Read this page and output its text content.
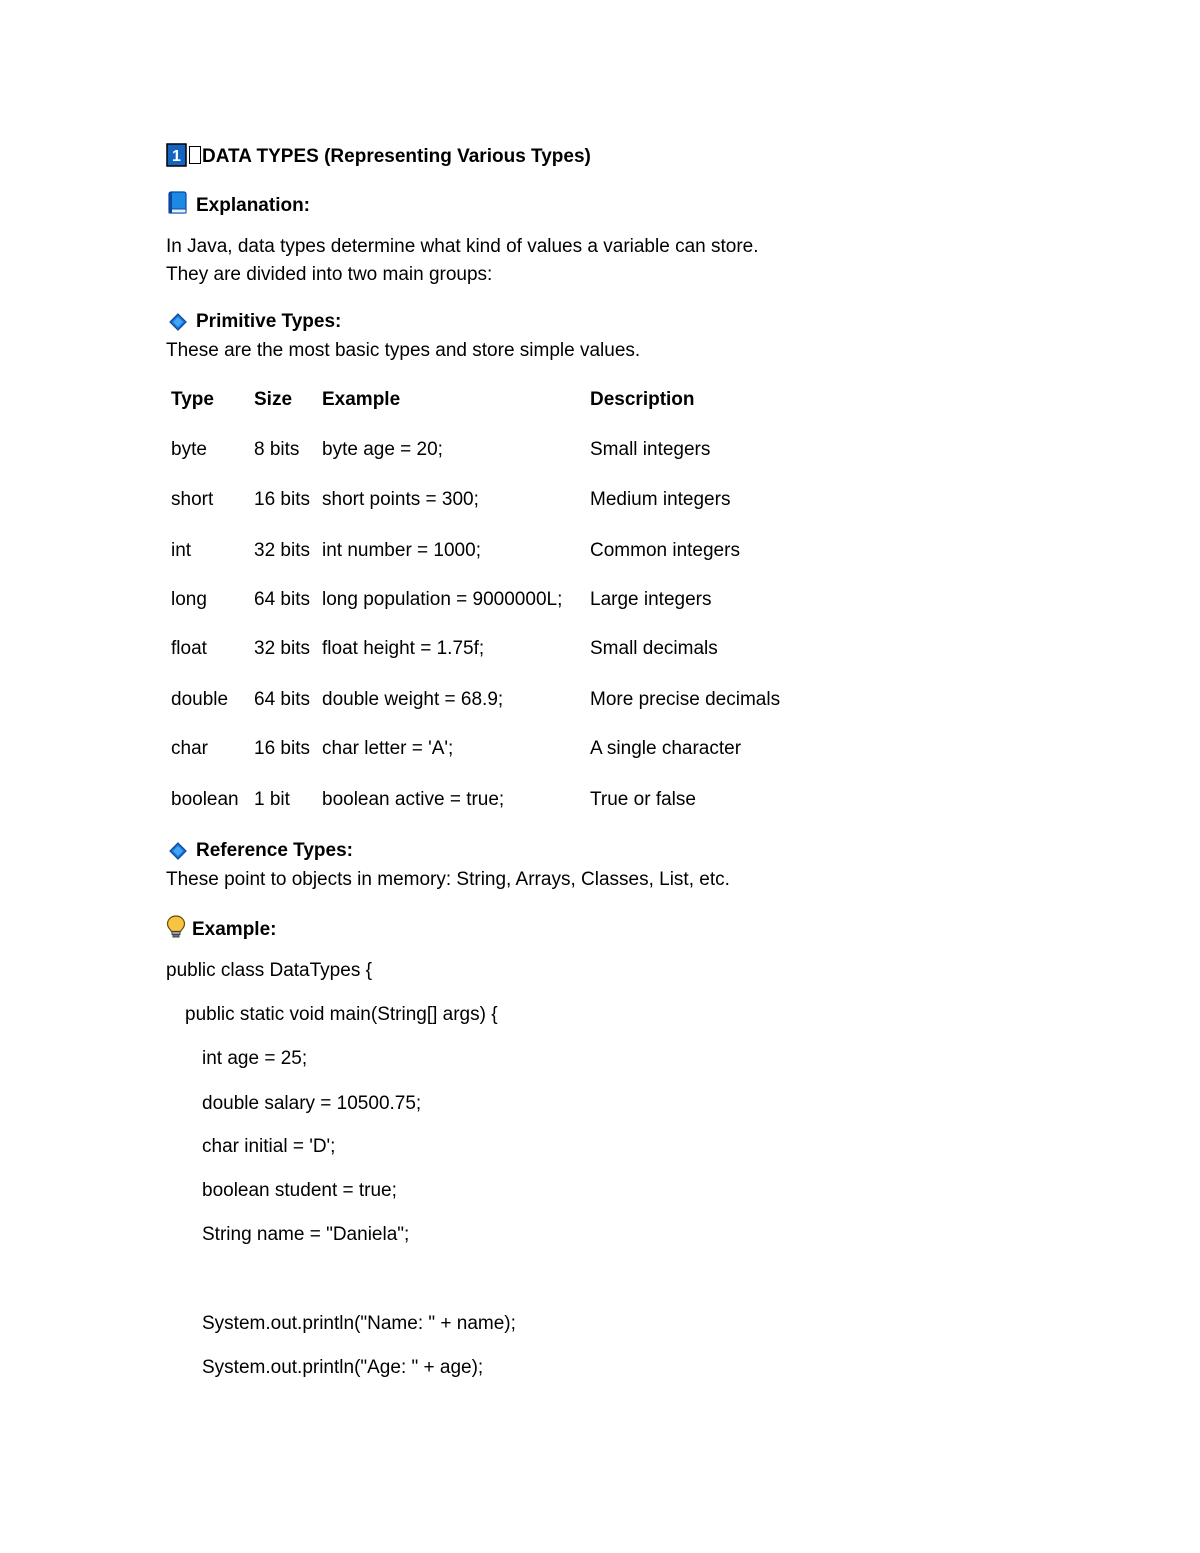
1 DATA TYPES (Representing Various Types)
Explanation:
In Java, data types determine what kind of values a variable can store.
They are divided into two main groups:
Primitive Types:
These are the most basic types and store simple values.
Type Size Example	Description
byte 8 bits byte age = 20;	Small integers
short 16 bits short points = 300;	Medium integers
int	32 bits int number = 1000;	Common integers
long 64 bits long population = 9000000L; Large integers
float 32 bits float height = 1.75f;	Small decimals
double 64 bits double weight = 68.9;	More precise decimals
char 16 bits char letter = 'A';	A single character
boolean 1 bit boolean active = true;	True or false
Reference Types:
These point to objects in memory: String, Arrays, Classes, List, etc.
Example:
public class DataTypes {
public static void main(String[] args) {
int age = 25;
double salary = 10500.75;
char initial = 'D';
boolean student = true;
String name = "Daniela";
System.out.println("Name: " + name);
System.out.println("Age: " + age);
